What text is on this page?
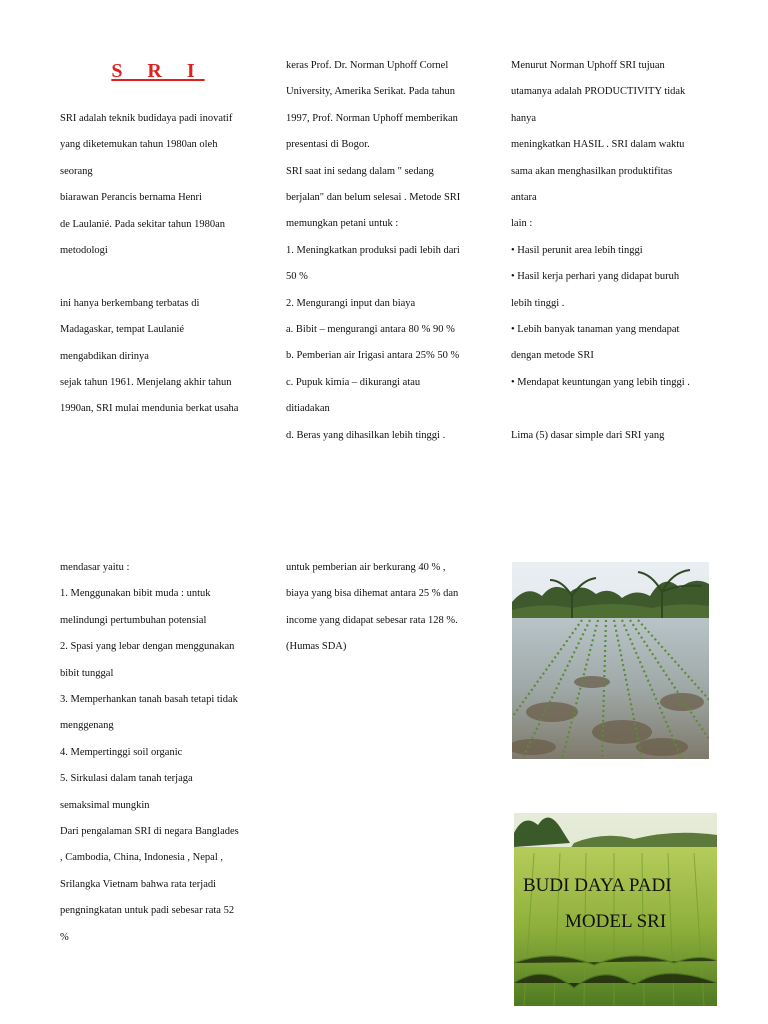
S R I
SRI adalah teknik budidaya padi inovatif
yang diketemukan tahun 1980an oleh
seorang
biarawan Perancis bernama Henri
de Laulanié. Pada sekitar tahun 1980an
metodologi
ini hanya berkembang terbatas di
Madagaskar, tempat Laulanié
mengabdikan dirinya
sejak tahun 1961. Menjelang akhir tahun
1990an, SRI mulai mendunia berkat usaha
keras Prof. Dr. Norman Uphoff Cornel
University, Amerika Serikat. Pada tahun
1997, Prof. Norman Uphoff memberikan
presentasi di Bogor.
SRI saat ini sedang dalam " sedang
berjalan" dan belum selesai . Metode SRI
memungkan petani untuk :
1. Meningkatkan produksi padi lebih dari
50 %
2. Mengurangi input dan biaya
a. Bibit – mengurangi antara 80 % 90 %
b. Pemberian air Irigasi antara 25% 50 %
c. Pupuk kimia – dikurangi atau
ditiadakan
d. Beras yang dihasilkan lebih tinggi .
Menurut Norman Uphoff SRI tujuan
utamanya adalah PRODUCTIVITY tidak
hanya
meningkatkan HASIL . SRI dalam waktu
sama akan menghasilkan produktifitas
antara
lain :
• Hasil perunit area lebih tinggi
• Hasil kerja perhari yang didapat buruh
lebih tinggi .
• Lebih banyak tanaman yang mendapat
dengan metode SRI
• Mendapat keuntungan yang lebih tinggi .
Lima (5) dasar simple dari SRI yang
mendasar yaitu :
1. Menggunakan bibit muda : untuk
melindungi pertumbuhan potensial
2. Spasi yang lebar dengan menggunakan
bibit tunggal
3. Memperhankan tanah basah tetapi tidak
menggenang
4. Mempertinggi soil organic
5. Sirkulasi dalam tanah terjaga
semaksimal mungkin
Dari pengalaman SRI di negara Banglades
, Cambodia, China, Indonesia , Nepal ,
Srilangka Vietnam bahwa rata terjadi
pengningkatan untuk padi sebesar rata 52
%
untuk pemberian air berkurang 40 % ,
biaya yang bisa dihemat antara 25 % dan
income yang didapat sebesar rata 128 %.
(Humas SDA)
BUDI DAYA PADI
MODEL SRI
